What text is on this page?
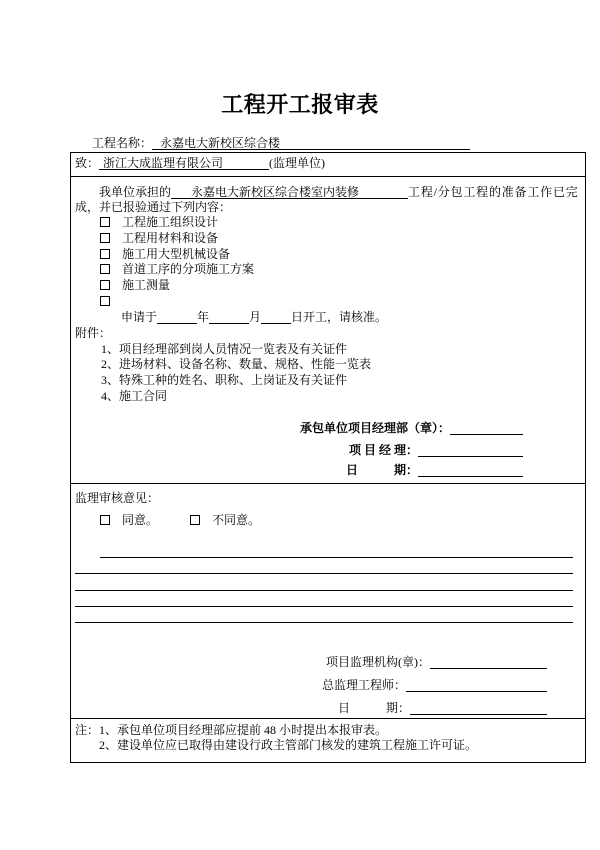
工程开工报审表
工程名称： 永嘉电大新校区综合楼
致： 浙江大成监理有限公司	(监理单位)
我单位承担的 永嘉电大新校区综合楼室内装修	工程/分包工程的准备工作已完
成，并已报验通过下列内容：
工程施工组织设计
工程用材料和设备
施工用大型机械设备
首道工序的分项施工方案
施工测量
申请于	年	月	日开工，请核准。
附件：
1、项目经理部到岗人员情况一览表及有关证件
2、进场材料、设备名称、数量、规格、性能一览表
3、特殊工种的姓名、职称、上岗证及有关证件
4、施工合同
承包单位项目经理部（章）：
项 目 经 理：
日　　　期：
监理审核意见：
同意。	不同意。
项目监理机构(章)：
总监理工程师：
日　　　期：
注：1、承包单位项目经理部应提前 48 小时提出本报审表。
2、建设单位应已取得由建设行政主管部门核发的建筑工程施工许可证。
